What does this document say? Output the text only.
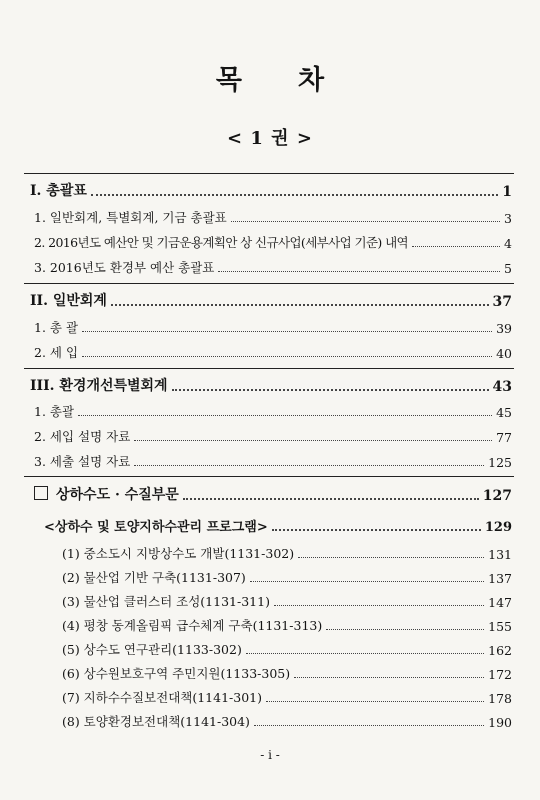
목 차
< 1 권 >
I. 총괄표	1
1. 일반회계, 특별회계, 기금 총괄표	3
2. 2016년도 예산안 및 기금운용계획안 상 신규사업(세부사업 기준) 내역	4
3. 2016년도 환경부 예산 총괄표	5
II. 일반회계	37
1. 총 괄	39
2. 세 입	40
III. 환경개선특별회계	43
1. 총괄	45
2. 세입 설명 자료	77
3. 세출 설명 자료	125
상하수도 · 수질부문	127
<상하수 및 토양지하수관리 프로그램>	129
(1) 중소도시 지방상수도 개발(1131-302)	131
(2) 물산업 기반 구축(1131-307)	137
(3) 물산업 클러스터 조성(1131-311)	147
(4) 평창 동계올림픽 급수체계 구축(1131-313)	155
(5) 상수도 연구관리(1133-302)	162
(6) 상수원보호구역 주민지원(1133-305)	172
(7) 지하수수질보전대책(1141-301)	178
(8) 토양환경보전대책(1141-304)	190
- i -
